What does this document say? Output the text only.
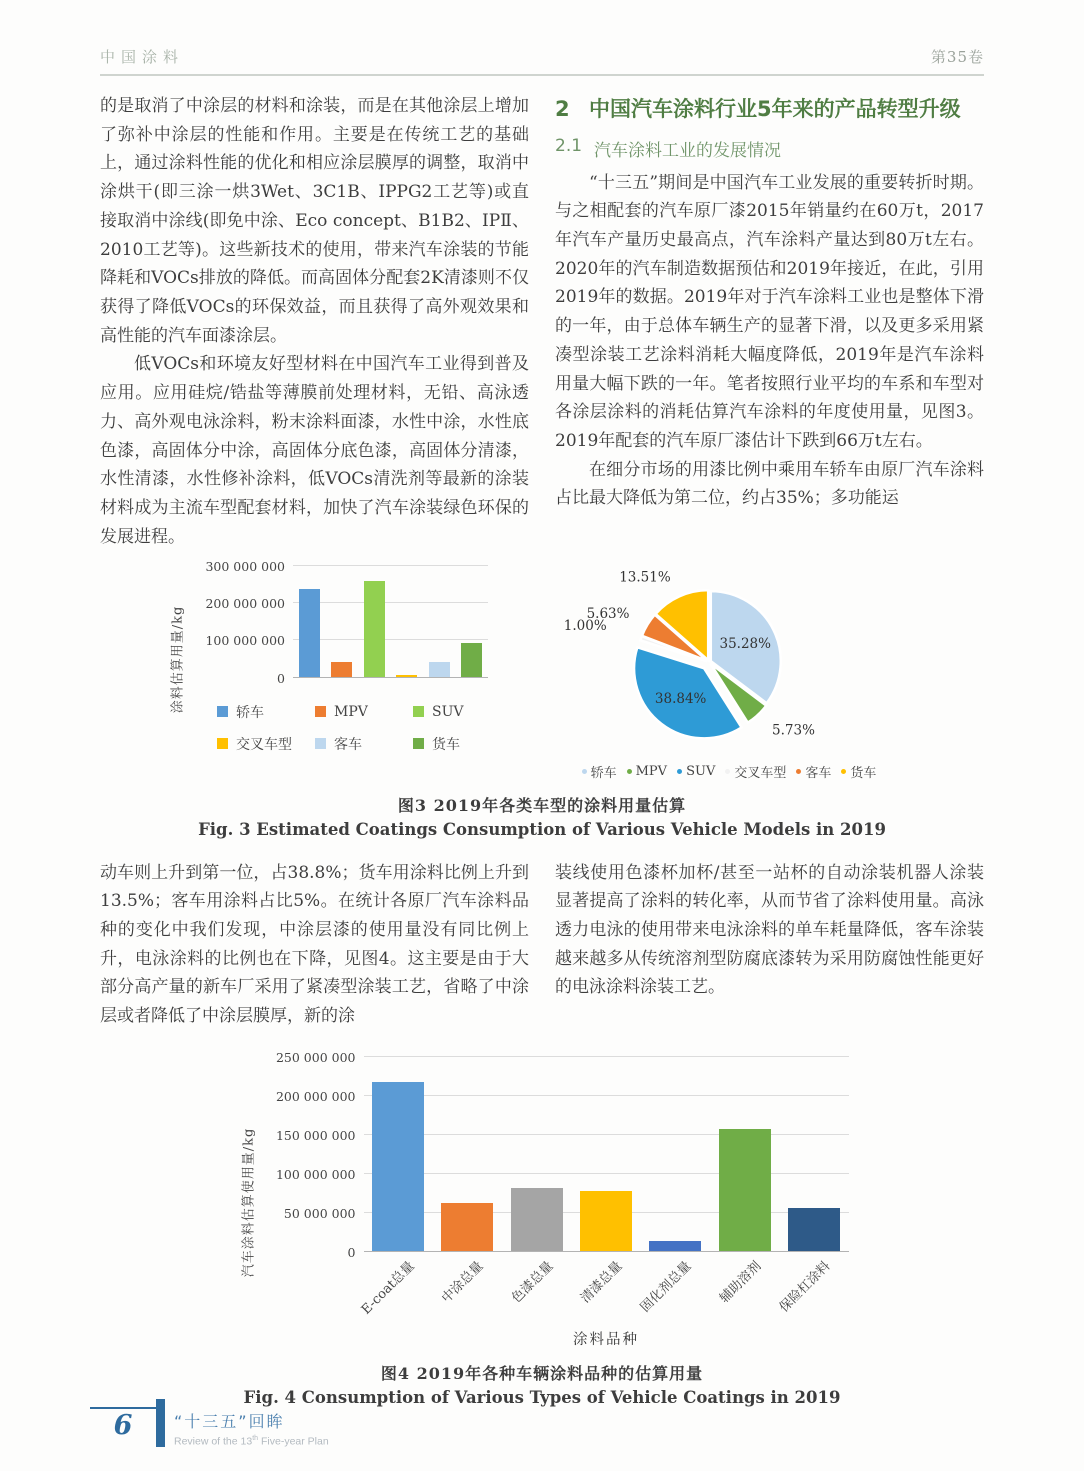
中国涂料	第35卷

的是取消了中涂层的材料和涂装，而是在其他涂层上增加了弥补中涂层的性能和作用。主要是在传统工艺的基础上，通过涂料性能的优化和相应涂层膜厚的调整，取消中涂烘干(即三涂一烘3Wet、3C1B、IPPG2工艺等)或直接取消中涂线(即免中涂、Eco concept、B1B2、IPⅡ、2010工艺等)。这些新技术的使用，带来汽车涂装的节能降耗和VOCs排放的降低。而高固体分配套2K清漆则不仅获得了降低VOCs的环保效益，而且获得了高外观效果和高性能的汽车面漆涂层。

低VOCs和环境友好型材料在中国汽车工业得到普及应用。应用硅烷/锆盐等薄膜前处理材料，无铅、高泳透力、高外观电泳涂料，粉末涂料面漆，水性中涂，水性底色漆，高固体分中涂，高固体分底色漆，高固体分清漆，水性清漆，水性修补涂料，低VOCs清洗剂等最新的涂装材料成为主流车型配套材料，加快了汽车涂装绿色环保的发展进程。

2 中国汽车涂料行业5年来的产品转型升级
2.1 汽车涂料工业的发展情况

“十三五”期间是中国汽车工业发展的重要转折时期。与之相配套的汽车原厂漆2015年销量约在60万t，2017年汽车产量历史最高点，汽车涂料产量达到80万t左右。2020年的汽车制造数据预估和2019年接近，在此，引用2019年的数据。2019年对于汽车涂料工业也是整体下滑的一年，由于总体车辆生产的显著下滑，以及更多采用紧凑型涂装工艺涂料消耗大幅度降低，2019年是汽车涂料用量大幅下跌的一年。笔者按照行业平均的车系和车型对各涂层涂料的消耗估算汽车涂料的年度使用量，见图3。2019年配套的汽车原厂漆估计下跌到66万t左右。

在细分市场的用漆比例中乘用车轿车由原厂汽车涂料占比最大降低为第二位，约占35%；多功能运

涂料估算用量/kg	0
100 000 000
200 000 000
300 000 000
轿车	MPV	SUV
交叉车型	客车	货车
35.28%
5.73%
38.84%
1.00%
5.63%
13.51%
轿车 MPV SUV 交叉车型 客车 货车
图3 2019年各类车型的涂料用量估算
Fig. 3 Estimated Coatings Consumption of Various Vehicle Models in 2019

动车则上升到第一位，占38.8%；货车用涂料比例上升到13.5%；客车用涂料占比5%。在统计各原厂汽车涂料品种的变化中我们发现，中涂层漆的使用量没有同比例上升，电泳涂料的比例也在下降，见图4。这主要是由于大部分高产量的新车厂采用了紧凑型涂装工艺，省略了中涂层或者降低了中涂层膜厚，新的涂

装线使用色漆杯加杯/甚至一站杯的自动涂装机器人涂装显著提高了涂料的转化率，从而节省了涂料使用量。高泳透力电泳的使用带来电泳涂料的单车耗量降低，客车涂装越来越多从传统溶剂型防腐底漆转为采用防腐蚀性能更好的电泳涂料涂装工艺。

汽车涂料估算使用量/kg	0
50 000 000
100 000 000
150 000 000
200 000 000
250 000 000
E-coat总量 中涂总量 色漆总量 清漆总量 固化剂总量 辅助溶剂 保险杠涂料
涂料品种
图4 2019年各种车辆涂料品种的估算用量
Fig. 4 Consumption of Various Types of Vehicle Coatings in 2019
6	“十三五”回眸
Review of the 13th Five-year Plan
